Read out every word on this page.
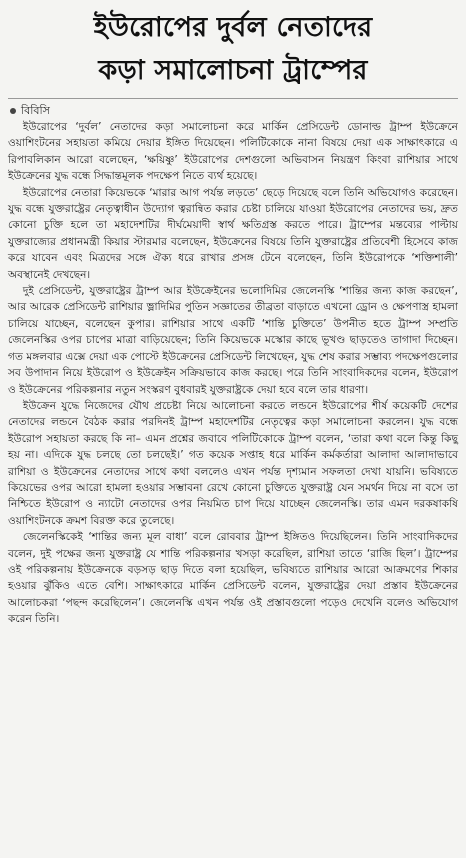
ইউরোপের দুর্বল নেতাদের
কড়া সমালোচনা ট্রাম্পের
বিবিসি

ইউরোপের ‘দুর্বল’ নেতাদের কড়া সমালোচনা করে মার্কিন প্রেসিডেন্ট ডোনাল্ড ট্রাম্প ইউক্রেনে ওয়াশিংটনের সহায়তা কমিয়ে দেয়ার ইঙ্গিত দিয়েছেন। পলিটিকোকে নানা বিষয়ে দেয়া এক সাক্ষাৎকারে এ রিপাবলিকান আরো বলেছেন, ‘ক্ষয়িষ্ণু’ ইউরোপের দেশগুলো অভিবাসন নিয়ন্ত্রণ কিংবা রাশিয়ার সাথে ইউক্রেনের যুদ্ধ বন্ধে সিদ্ধান্তমূলক পদক্ষেপ নিতে ব্যর্থ হয়েছে।

ইউরোপের নেতারা কিয়েভকে ‘মারার আগ পর্যন্ত লড়তে’ ছেড়ে দিয়েছে বলে তিনি অভিযোগও করেছেন। যুদ্ধ বন্ধে যুক্তরাষ্ট্রের নেতৃত্বাধীন উদ্যোগ ত্বরান্বিত করার চেষ্টা চালিয়ে যাওয়া ইউরোপের নেতাদের ভয়, দ্রুত কোনো চুক্তি হলে তা মহাদেশটির দীর্ঘমেয়াদী স্বার্থ ক্ষতিগ্রস্ত করতে পারে। ট্রাম্পের মন্তব্যের পাল্টায় যুক্তরাজ্যের প্রধানমন্ত্রী কিয়ার স্টারমার বলেছেন, ইউক্রেনের বিষয়ে তিনি যুক্তরাষ্ট্রের প্রতিবেশী হিসেবে কাজ করে যাবেন এবং মিত্রদের সঙ্গে ঐক্য ধরে রাখার প্রসঙ্গ টেনে বলেছেন, তিনি ইউরোপকে ‘শক্তিশালী’ অবস্থানেই দেখছেন।

দুই প্রেসিডেন্ট, যুক্তরাষ্ট্রের ট্রাম্প আর ইউক্রেইনের ভলোদিমির জেলেনস্কি ‘শান্তির জন্য কাজ করছেন’, আর আরেক প্রেসিডেন্ট রাশিয়ার ভ্লাদিমির পুতিন সজ্ঞাতের তীব্রতা বাড়াতে এখনো ড্রোন ও ক্ষেপণাস্ত্র হামলা চালিয়ে যাচ্ছেন, বলেছেন কুপার। রাশিয়ার সাথে একটি ‘শান্তি চুক্তিতে’ উপনীত হতে ট্রাম্প সম্প্রতি জেলেনস্কির ওপর চাপের মাত্রা বাড়িয়েছেন; তিনি কিয়েভকে মস্কোর কাছে ভূখণ্ড ছাড়তেও তাগাদা দিচ্ছেন। গত মঙ্গলবার এক্সে দেয়া এক পোস্টে ইউক্রেনের প্রেসিডেন্ট লিখেছেন, যুদ্ধ শেষ করার সম্ভাব্য পদক্ষেপগুলোর সব উপাদান নিয়ে ইউরোপ ও ইউক্রেইন সক্রিয়ভাবে কাজ করছে। পরে তিনি সাংবাদিকদের বলেন, ইউরোপ ও ইউক্রেনের পরিকল্পনার নতুন সংস্করণ বুধবারই যুক্তরাষ্ট্রকে দেয়া হবে বলে তার ধারণা।

ইউক্রেন যুদ্ধে নিজেদের যৌথ প্রচেষ্টা নিয়ে আলোচনা করতে লন্ডনে ইউরোপের শীর্ষ কয়েকটি দেশের নেতাদের লন্ডনে বৈঠক করার পরদিনই ট্রাম্প মহাদেশটির নেতৃত্বের কড়া সমালোচনা করলেন। যুদ্ধ বন্ধে ইউরোপ সহায়তা করছে কি না– এমন প্রশ্নের জবাবে পলিটিকোকে ট্রাম্প বলেন, ‘তারা কথা বলে কিন্তু কিছু হয় না। এদিকে যুদ্ধ চলছে তো চলছেই।’ গত কয়েক সপ্তাহ ধরে মার্কিন কর্মকর্তারা আলাদা আলাদাভাবে রাশিয়া ও ইউক্রেনের নেতাদের সাথে কথা বললেও এখন পর্যন্ত দৃশ্যমান সফলতা দেখা যায়নি। ভবিষ্যতে কিয়েভের ওপর আরো হামলা হওয়ার সম্ভাবনা রেখে কোনো চুক্তিতে যুক্তরাষ্ট্র যেন সমর্থন দিয়ে না বসে তা নিশ্চিতে ইউরোপ ও ন্যাটো নেতাদের ওপর নিয়মিত চাপ দিয়ে যাচ্ছেন জেলেনস্কি। তার এমন দরকষাকষি ওয়াশিংটনকে ক্রমশ বিরক্ত করে তুলেছে।

জেলেনস্কিকেই ‘শান্তির জন্য মূল বাধা’ বলে রোববার ট্রাম্প ইঙ্গিতও দিয়েছিলেন। তিনি সাংবাদিকদের বলেন, দুই পক্ষের জন্য যুক্তরাষ্ট্র যে শান্তি পরিকল্পনার খসড়া করেছিল, রাশিয়া তাতে ‘রাজি ছিল’। ট্রাম্পের ওই পরিকল্পনায় ইউক্রেনকে বড়সড় ছাড় দিতে বলা হয়েছিল, ভবিষ্যতে রাশিয়ার আরো আক্রমণের শিকার হওয়ার ঝুঁকিও এতে বেশি। সাক্ষাৎকারে মার্কিন প্রেসিডেন্ট বলেন, যুক্তরাষ্ট্রের দেয়া প্রস্তাব ইউক্রেনের আলোচকরা ‘পছন্দ করেছিলেন’। জেলেনস্কি এখন পর্যন্ত ওই প্রস্তাবগুলো পড়েও দেখেনি বলেও অভিযোগ করেন তিনি।
